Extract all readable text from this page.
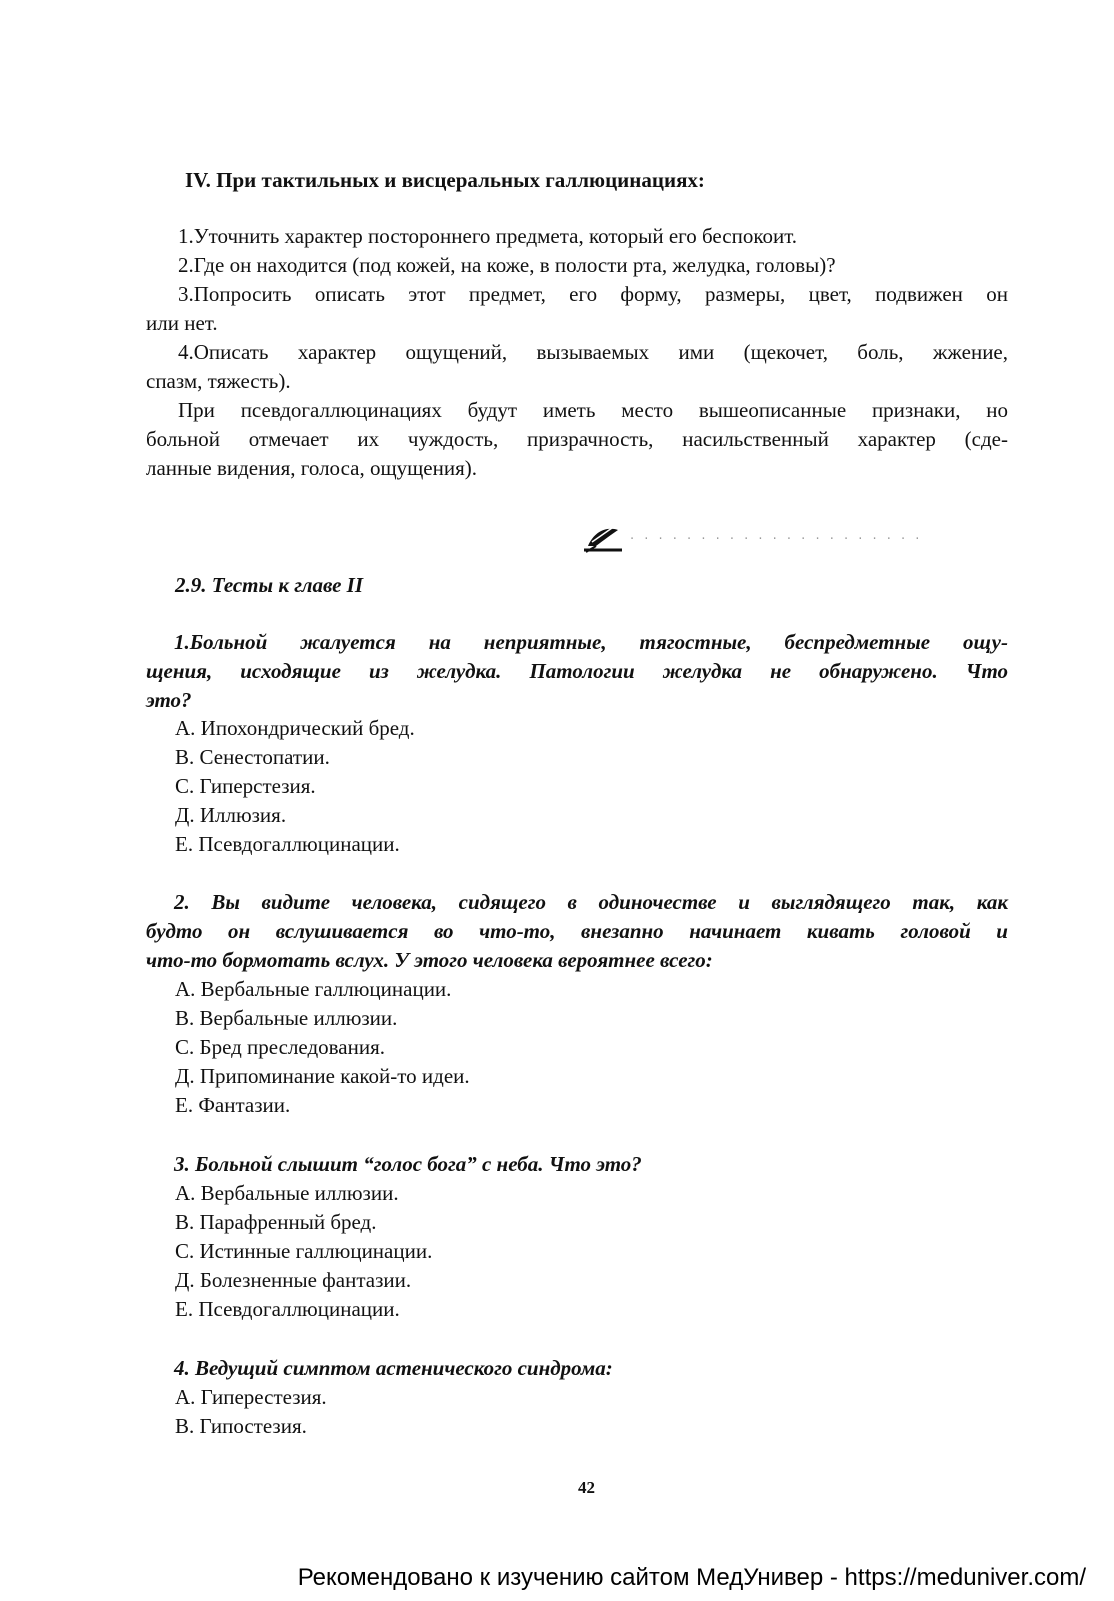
IV. При тактильных и висцеральных галлюцинациях:
1.Уточнить характер постороннего предмета, который его беспокоит.
2.Где он находится (под кожей, на коже, в полости рта, желудка, головы)?
3.Попросить описать этот предмет, его форму, размеры, цвет, подвижен он
или нет.
4.Описать характер ощущений, вызываемых ими (щекочет, боль, жжение,
спазм, тяжесть).
При псевдогаллюцинациях будут иметь место вышеописанные признаки, но
больной отмечает их чуждость, призрачность, насильственный характер (сде-
ланные видения, голоса, ощущения).
· · · · · · · · · · · · · · · · · · · · ·
2.9. Тесты к главе II
1.Больной жалуется на неприятные, тягостные, беспредметные ощу-
щения, исходящие из желудка. Патологии желудка не обнаружено. Что
это?
А. Ипохондрический бред.
В. Сенестопатии.
С. Гиперстезия.
Д. Иллюзия.
Е. Псевдогаллюцинации.
2. Вы видите человека, сидящего в одиночестве и выглядящего так, как
будто он вслушивается во что-то, внезапно начинает кивать головой и
что-то бормотать вслух. У этого человека вероятнее всего:
А. Вербальные галлюцинации.
В. Вербальные иллюзии.
С. Бред преследования.
Д. Припоминание какой-то идеи.
Е. Фантазии.
3. Больной слышит “голос бога” с неба. Что это?
А. Вербальные иллюзии.
В. Парафренный бред.
С. Истинные галлюцинации.
Д. Болезненные фантазии.
Е. Псевдогаллюцинации.
4. Ведущий симптом астенического синдрома:
А. Гиперестезия.
В. Гипостезия.
42
Рекомендовано к изучению сайтом МедУнивер - https://meduniver.com/
